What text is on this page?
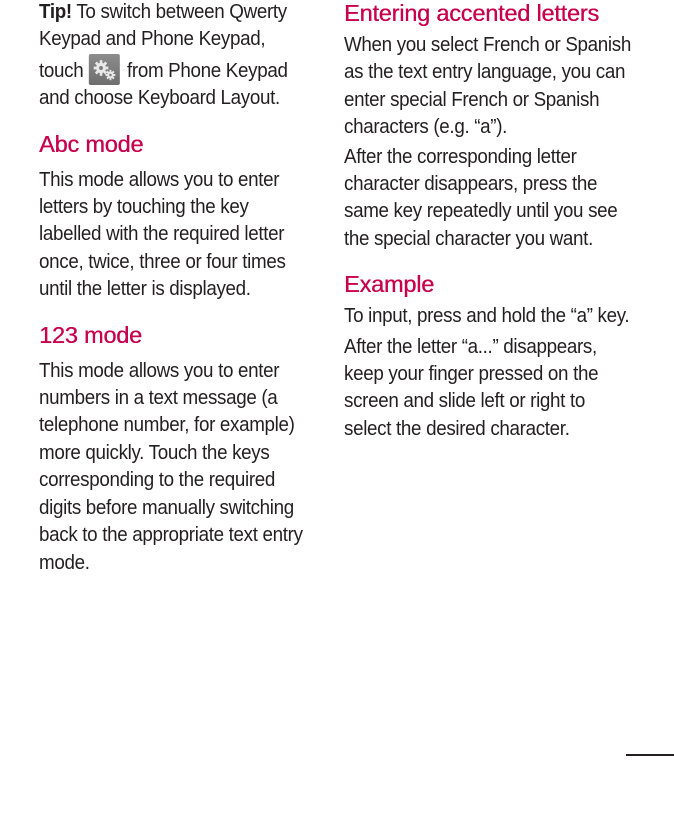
Tip! To switch between Qwerty Keypad and Phone Keypad, touch from Phone Keypad and choose Keyboard Layout.

Abc mode

This mode allows you to enter letters by touching the key labelled with the required letter once, twice, three or four times until the letter is displayed.

123 mode

This mode allows you to enter numbers in a text message (a telephone number, for example) more quickly. Touch the keys corresponding to the required digits before manually switching back to the appropriate text entry mode.

Entering accented letters

When you select French or Spanish as the text entry language, you can enter special French or Spanish characters (e.g. “a”).

After the corresponding letter character disappears, press the same key repeatedly until you see the special character you want.

Example

To input, press and hold the “a” key.

After the letter “a...” disappears, keep your finger pressed on the screen and slide left or right to select the desired character.
